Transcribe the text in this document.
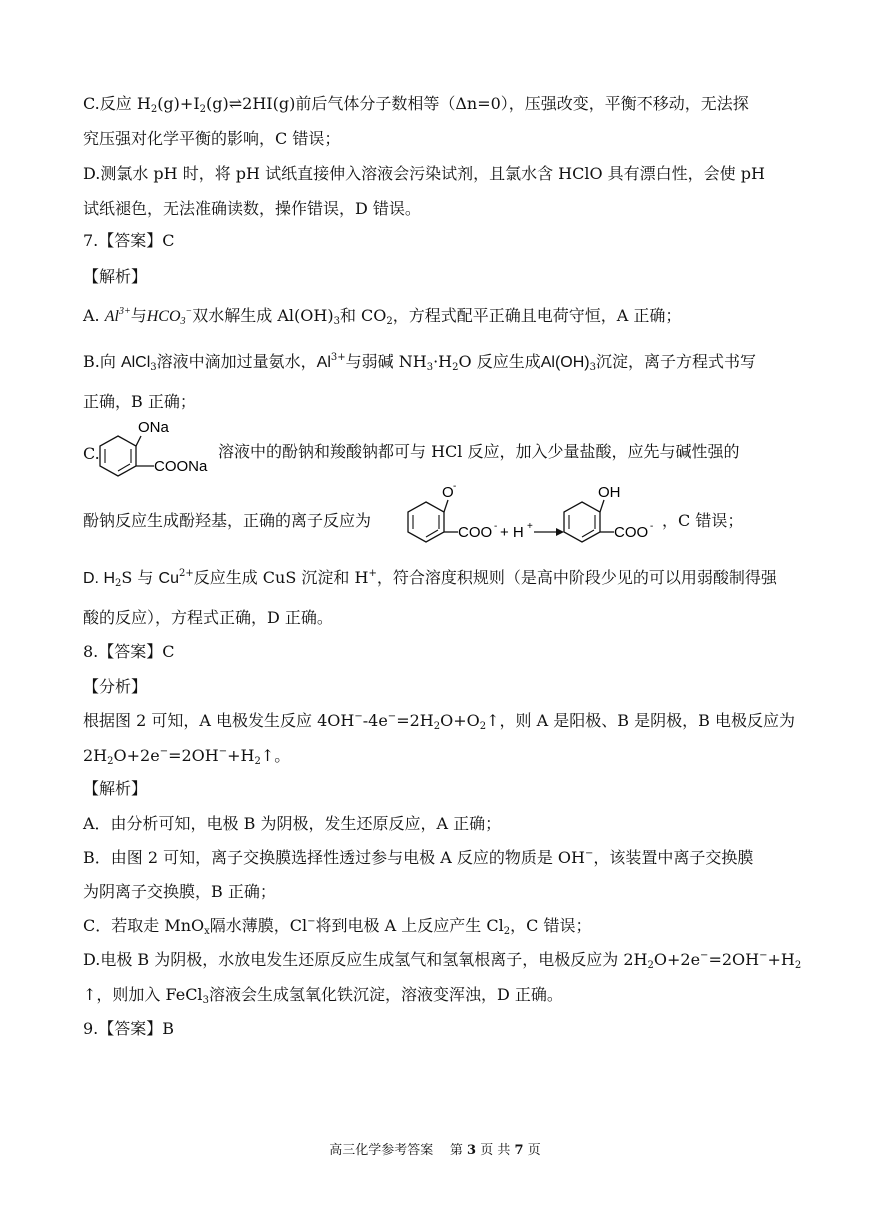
C.反应 $H_2(g)+I_2(g)\rightleftharpoons 2HI(g)$前后气体分子数相等（Δn=0），压强改变，平衡不移动，无法探
究压强对化学平衡的影响，C 错误；
D.测氯水 pH 时，将 pH 试纸直接伸入溶液会污染试剂，且氯水含 HClO 具有漂白性，会使 pH
试纸褪色，无法准确读数，操作错误，D 错误。
7.【答案】C
【解析】
A. $Al^{3+}$与$HCO_3^-$双水解生成 $Al(OH)_3$和 $CO_2$，方程式配平正确且电荷守恒，A 正确；
B.向 AlCl$_3$溶液中滴加过量氨水，$Al^{3+}$与弱碱 $NH_3\cdot H_2O$ 反应生成$Al(OH)_3$沉淀，离子方程式书写
正确，B 正确；
C.
ONa
COONa
溶液中的酚钠和羧酸钠都可与 HCl 反应，加入少量盐酸，应先与碱性强的
酚钠反应生成酚羟基，正确的离子反应为
O -
COO - + H +
OH
COO - ，C 错误；
D. $H_2S$ 与 $Cu^{2+}$反应生成 CuS 沉淀和 H+，符合溶度积规则（是高中阶段少见的可以用弱酸制得强
酸的反应），方程式正确，D 正确。
8.【答案】C
【分析】
根据图 2 可知，A 电极发生反应 $4OH^--4e^-=2H_2O+O_2↑$，则 A 是阳极、B 是阴极，B 电极反应为
$2H_2O+2e^-=2OH^-+H_2↑$。
【解析】
A．由分析可知，电极 B 为阴极，发生还原反应，A 正确；
B．由图 2 可知，离子交换膜选择性透过参与电极 A 反应的物质是 OH−，该装置中离子交换膜
为阴离子交换膜，B 正确；
C．若取走 MnO$_x$隔水薄膜，Cl−将到电极 A 上反应产生 $Cl_2$，C 错误；
D.电极 B 为阴极，水放电发生还原反应生成氢气和氢氧根离子，电极反应为 $2H_2O+2e^-=2OH^-+H_2$
↑，则加入 FeCl$_3$溶液会生成氢氧化铁沉淀，溶液变浑浊，D 正确。
9.【答案】B
高三化学参考答案 第 3 页 共 7 页
